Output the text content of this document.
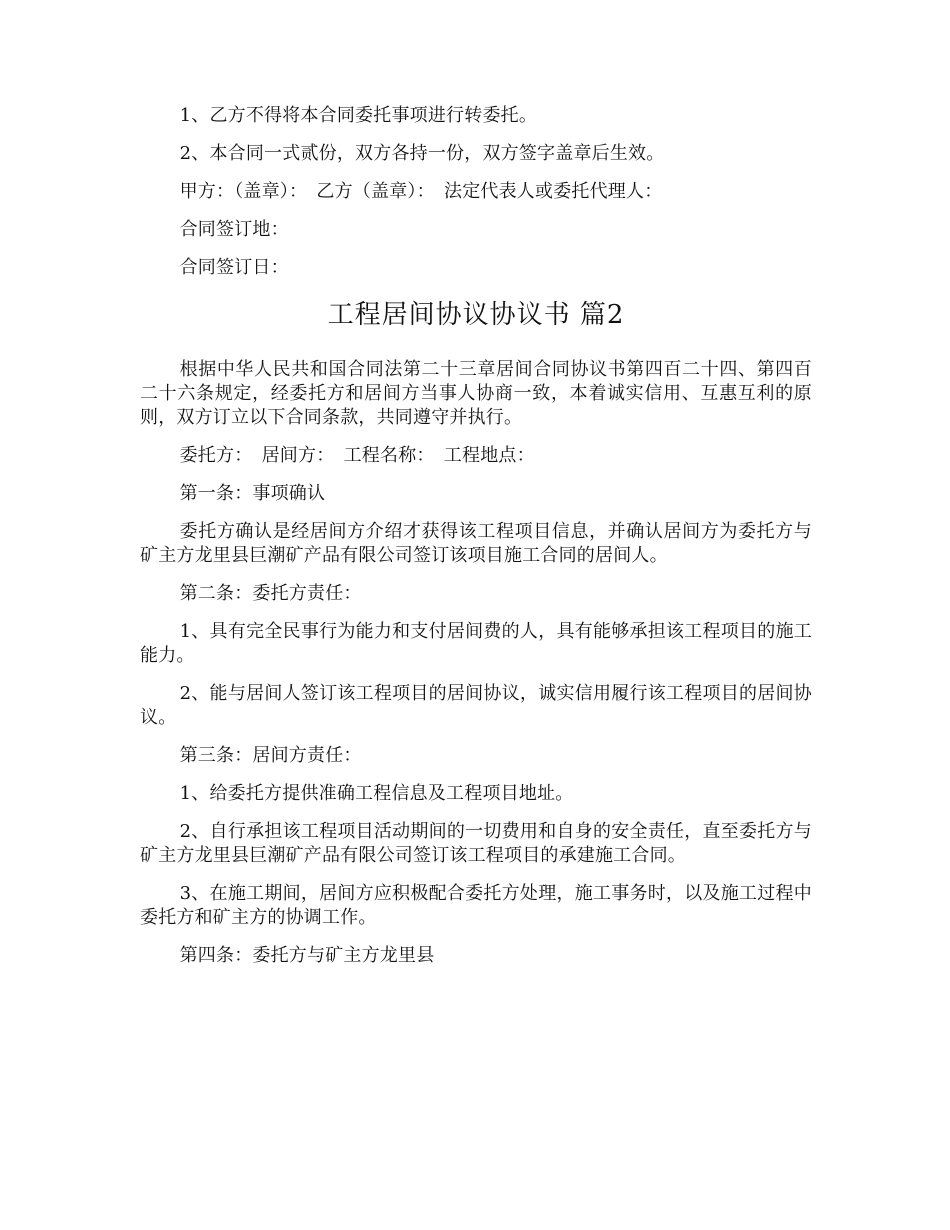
1、乙方不得将本合同委托事项进行转委托。

2、本合同一式贰份，双方各持一份，双方签字盖章后生效。

甲方：（盖章）：　乙方（盖章）：　法定代表人或委托代理人：

合同签订地：

合同签订日：

工程居间协议协议书 篇2

根据中华人民共和国合同法第二十三章居间合同协议书第四百二十四、第四百二十六条规定，经委托方和居间方当事人协商一致，本着诚实信用、互惠互利的原则，双方订立以下合同条款，共同遵守并执行。

委托方：　居间方：　工程名称：　工程地点：

第一条：事项确认

委托方确认是经居间方介绍才获得该工程项目信息，并确认居间方为委托方与矿主方龙里县巨潮矿产品有限公司签订该项目施工合同的居间人。

第二条：委托方责任：

1、具有完全民事行为能力和支付居间费的人，具有能够承担该工程项目的施工能力。

2、能与居间人签订该工程项目的居间协议，诚实信用履行该工程项目的居间协议。

第三条：居间方责任：

1、给委托方提供准确工程信息及工程项目地址。

2、自行承担该工程项目活动期间的一切费用和自身的安全责任，直至委托方与矿主方龙里县巨潮矿产品有限公司签订该工程项目的承建施工合同。

3、在施工期间，居间方应积极配合委托方处理，施工事务时，以及施工过程中委托方和矿主方的协调工作。

第四条：委托方与矿主方龙里县
